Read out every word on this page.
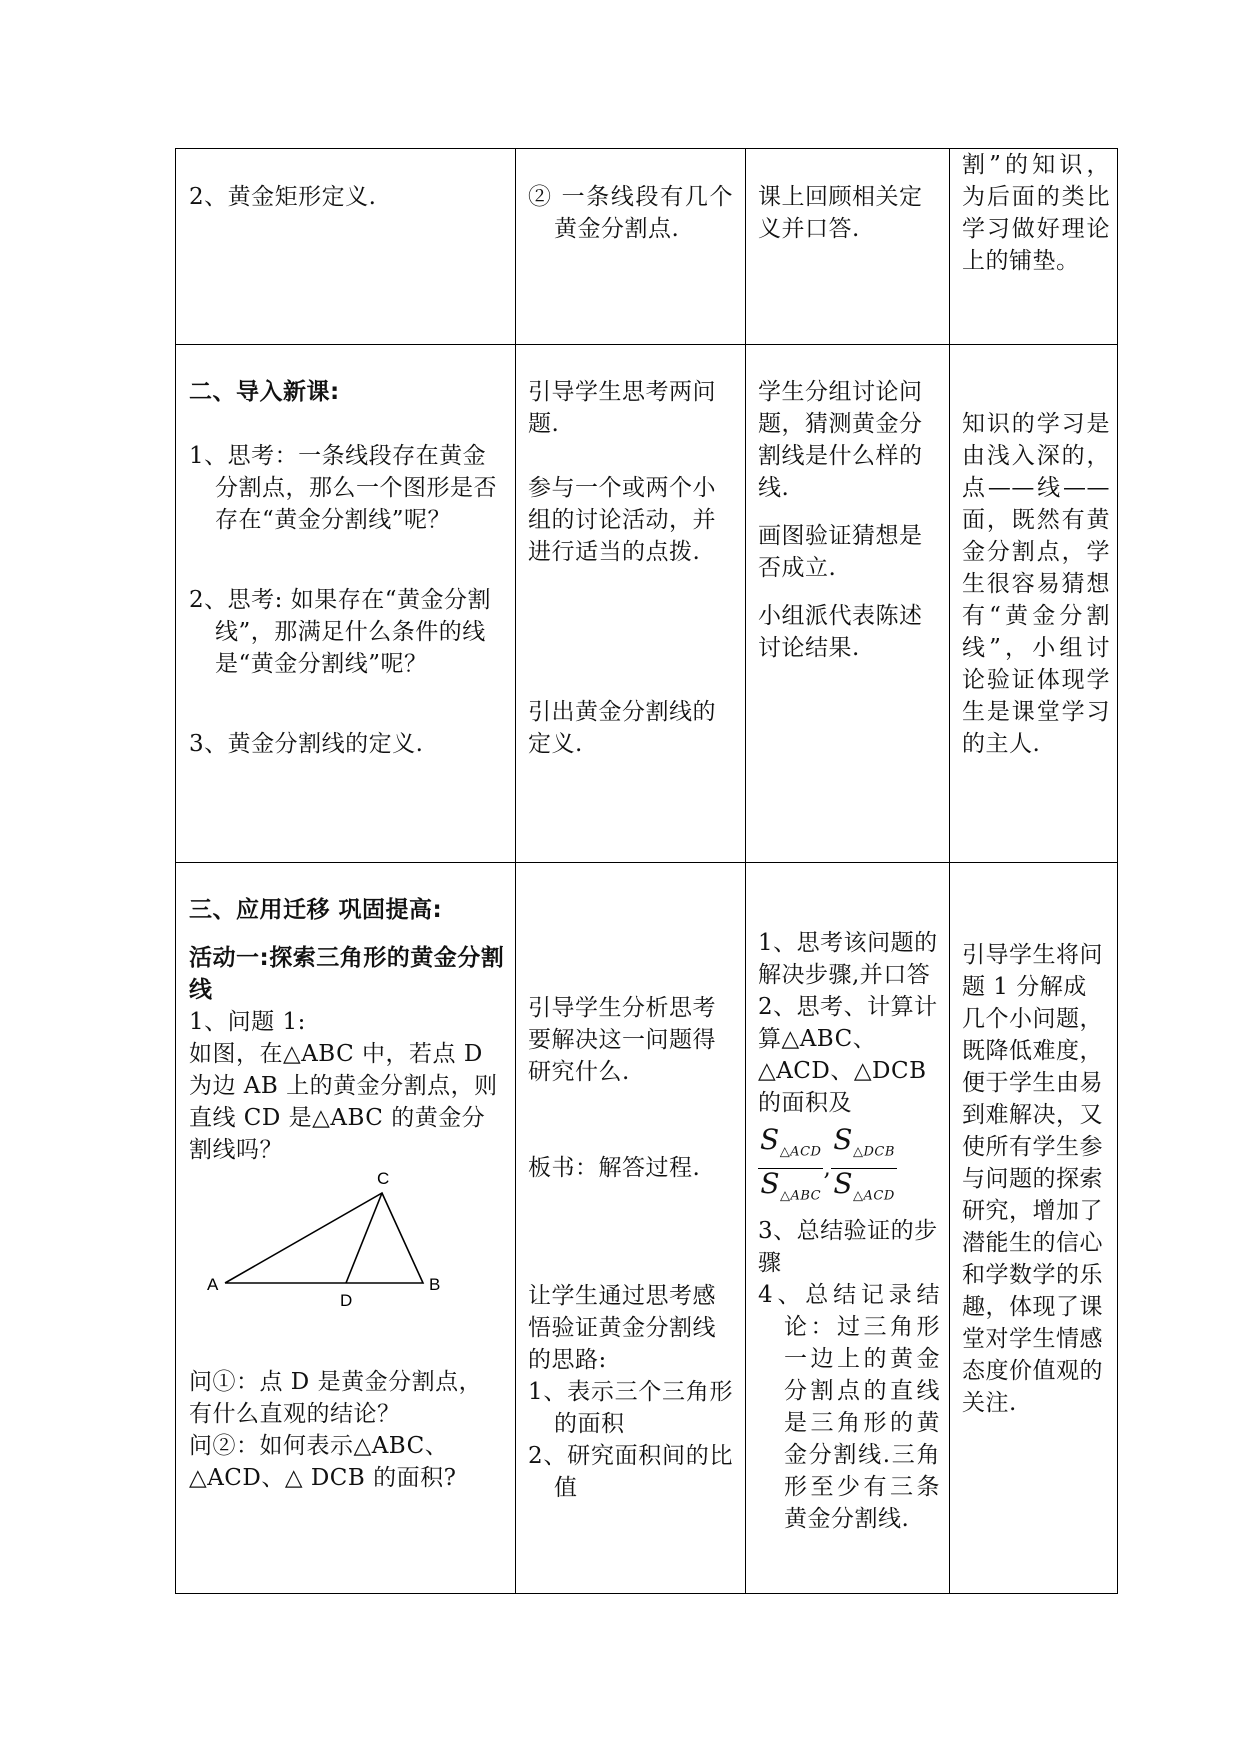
2、黄金矩形定义.	② 一条线段有几个黄金分割点.

课上回顾相关定义并口答.

割”的知识，为后面的类比学习做好理论上的铺垫。

二、导入新课:

1、思考：一条线段存在黄金分割点，那么一个图形是否存在“黄金分割线”呢？

2、思考: 如果存在“黄金分割线”，那满足什么条件的线是“黄金分割线”呢？

3、黄金分割线的定义.

引导学生思考两问题.

参与一个或两个小组的讨论活动，并进行适当的点拨.

引出黄金分割线的定义.

学生分组讨论问题，猜测黄金分割线是什么样的线.

画图验证猜想是否成立.

小组派代表陈述讨论结果.

知识的学习是由浅入深的，点——线——面，既然有黄金分割点，学生很容易猜想有“黄金分割线”，小组讨论验证体现学生是课堂学习的主人.

三、应用迁移 巩固提高:

活动一:探索三角形的黄金分割线

1、问题 1:

如图，在△ABC 中，若点 D 为边 AB 上的黄金分割点，则直线 CD 是△ABC 的黄金分割线吗？

A	B
C
D

问①：点 D 是黄金分割点，有什么直观的结论？

问②：如何表示△ABC、△ACD、△ DCB 的面积?

引导学生分析思考要解决这一问题得研究什么.

板书：解答过程.

让学生通过思考感悟验证黄金分割线的思路:

1、表示三个三角形的面积

2、研究面积间的比值

1、思考该问题的解决步骤,并口答

2、思考、计算计算△ABC、△ACD、△DCB 的面积及

$\frac{S_{\triangle ACD}}{S_{\triangle ABC}}$ , $\frac{S_{\triangle DCB}}{S_{\triangle ACD}}$

3、总结验证的步骤

4、总结记录结论：过三角形一边上的黄金分割点的直线是三角形的黄金分割线.三角形至少有三条黄金分割线.

引导学生将问题 1 分解成几个小问题，既降低难度，便于学生由易到难解决，又使所有学生参与问题的探索研究，增加了潜能生的信心和学数学的乐趣，体现了课堂对学生情感态度价值观的关注.
